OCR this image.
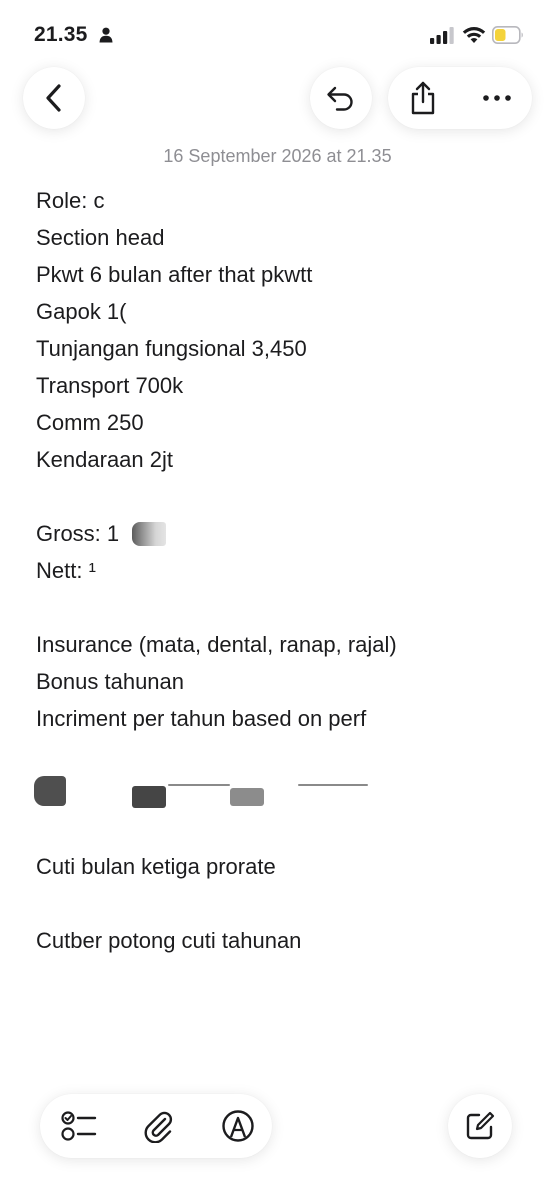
21.35
16 September 2026 at 21.35
Role: c
Section head
Pkwt 6 bulan after that pkwtt
Gapok 1(
Tunjangan fungsional 3,450
Transport 700k
Comm 250
Kendaraan 2jt
Gross: 1
Nett: ¹
Insurance (mata, dental, ranap, rajal)
Bonus tahunan
Incriment per tahun based on perf
Cuti bulan ketiga prorate
Cutber potong cuti tahunan
